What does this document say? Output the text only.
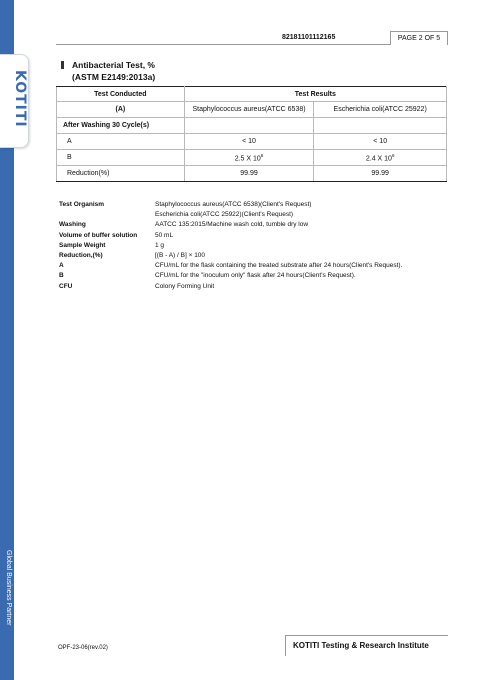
KOTITI
Global Business Partner
82181101112165	PAGE 2 OF 5
Antibacterial Test, %
(ASTM E2149:2013a)
Test Conducted	Test Results	
(A)	Staphylococcus aureus(ATCC 6538)	Escherichia coli(ATCC 25922)
After Washing 30 Cycle(s)		
A	< 10	< 10
B	2.5 X $10^6$	2.4 X $10^6$
Reduction(%)	99.99	99.99
Test Organism	Staphylococcus aureus(ATCC 6538)(Client's Request)
Escherichia coli(ATCC 25922)(Client's Request)
Washing	AATCC 135:2015/Machine wash cold, tumble dry low
Volume of buffer solution	50 mL
Sample Weight	1 g
Reduction,(%)	[(B - A) / B] × 100
A	CFU/mL for the flask containing the treated substrate after 24 hours(Client's Request).
B	CFU/mL for the "inoculum only" flask after 24 hours(Client's Request).
CFU	Colony Forming Unit
OPF-23-06(rev.02)	KOTITI Testing & Research Institute
